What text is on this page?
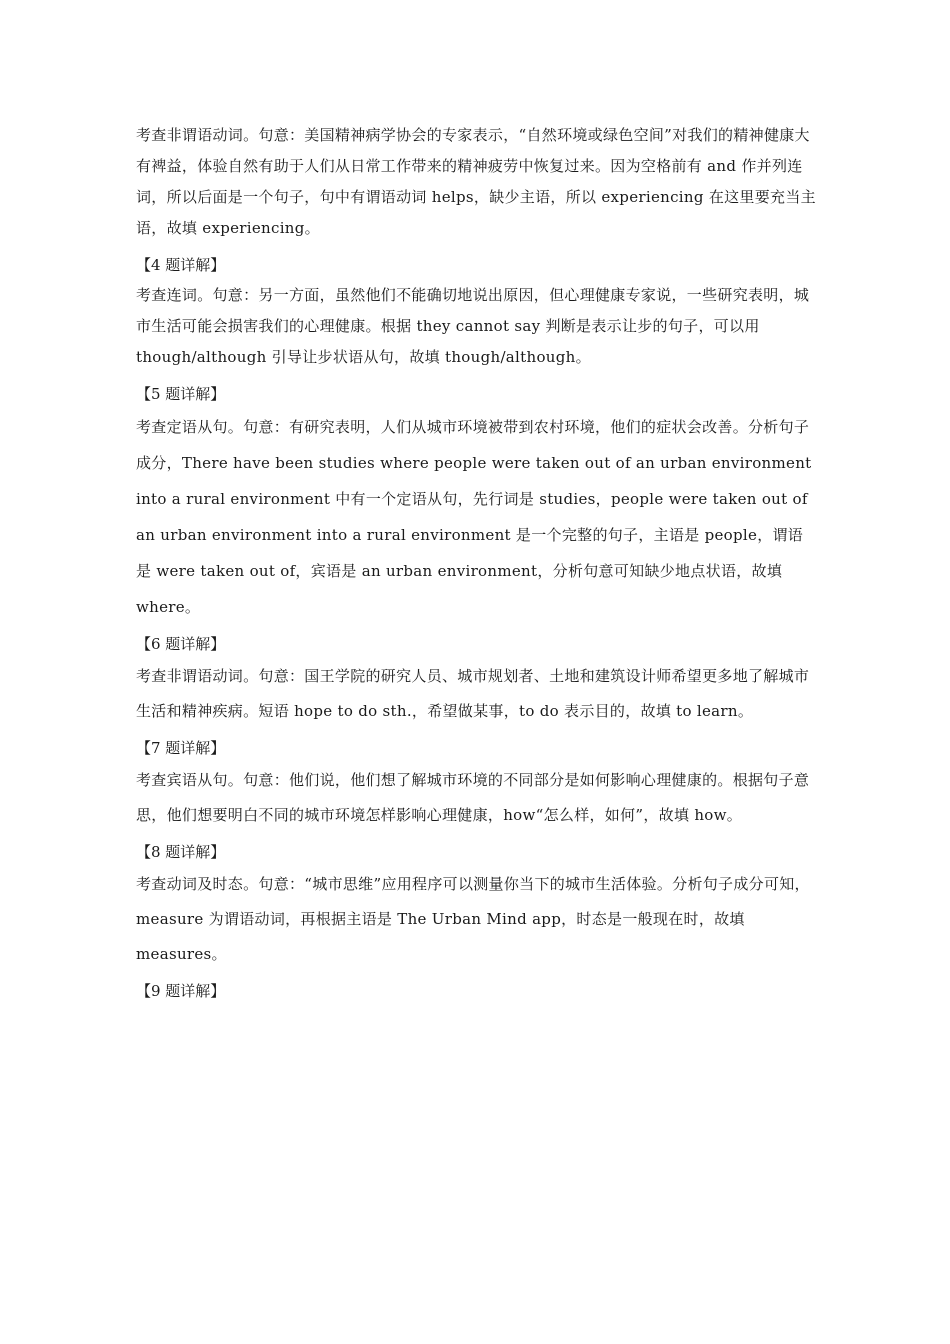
考查非谓语动词。句意：美国精神病学协会的专家表示，“自然环境或绿色空间”对我们的精神健康大有裨益，体验自然有助于人们从日常工作带来的精神疲劳中恢复过来。因为空格前有 and 作并列连词，所以后面是一个句子，句中有谓语动词 helps，缺少主语，所以 experiencing 在这里要充当主语，故填 experiencing。

【4 题详解】

考查连词。句意：另一方面，虽然他们不能确切地说出原因，但心理健康专家说，一些研究表明，城市生活可能会损害我们的心理健康。根据 they cannot say 判断是表示让步的句子，可以用 though/although 引导让步状语从句，故填 though/although。

【5 题详解】

考查定语从句。句意：有研究表明，人们从城市环境被带到农村环境，他们的症状会改善。分析句子成分，There have been studies where people were taken out of an urban environment into a rural environment 中有一个定语从句，先行词是 studies，people were taken out of an urban environment into a rural environment 是一个完整的句子，主语是 people，谓语是 were taken out of，宾语是 an urban environment，分析句意可知缺少地点状语，故填 where。

【6 题详解】

考查非谓语动词。句意：国王学院的研究人员、城市规划者、土地和建筑设计师希望更多地了解城市生活和精神疾病。短语 hope to do sth.，希望做某事，to do 表示目的，故填 to learn。

【7 题详解】

考查宾语从句。句意：他们说，他们想了解城市环境的不同部分是如何影响心理健康的。根据句子意思，他们想要明白不同的城市环境怎样影响心理健康，how“怎么样，如何”，故填 how。

【8 题详解】

考查动词及时态。句意：“城市思维”应用程序可以测量你当下的城市生活体验。分析句子成分可知，measure 为谓语动词，再根据主语是 The Urban Mind app，时态是一般现在时，故填 measures。

【9 题详解】
